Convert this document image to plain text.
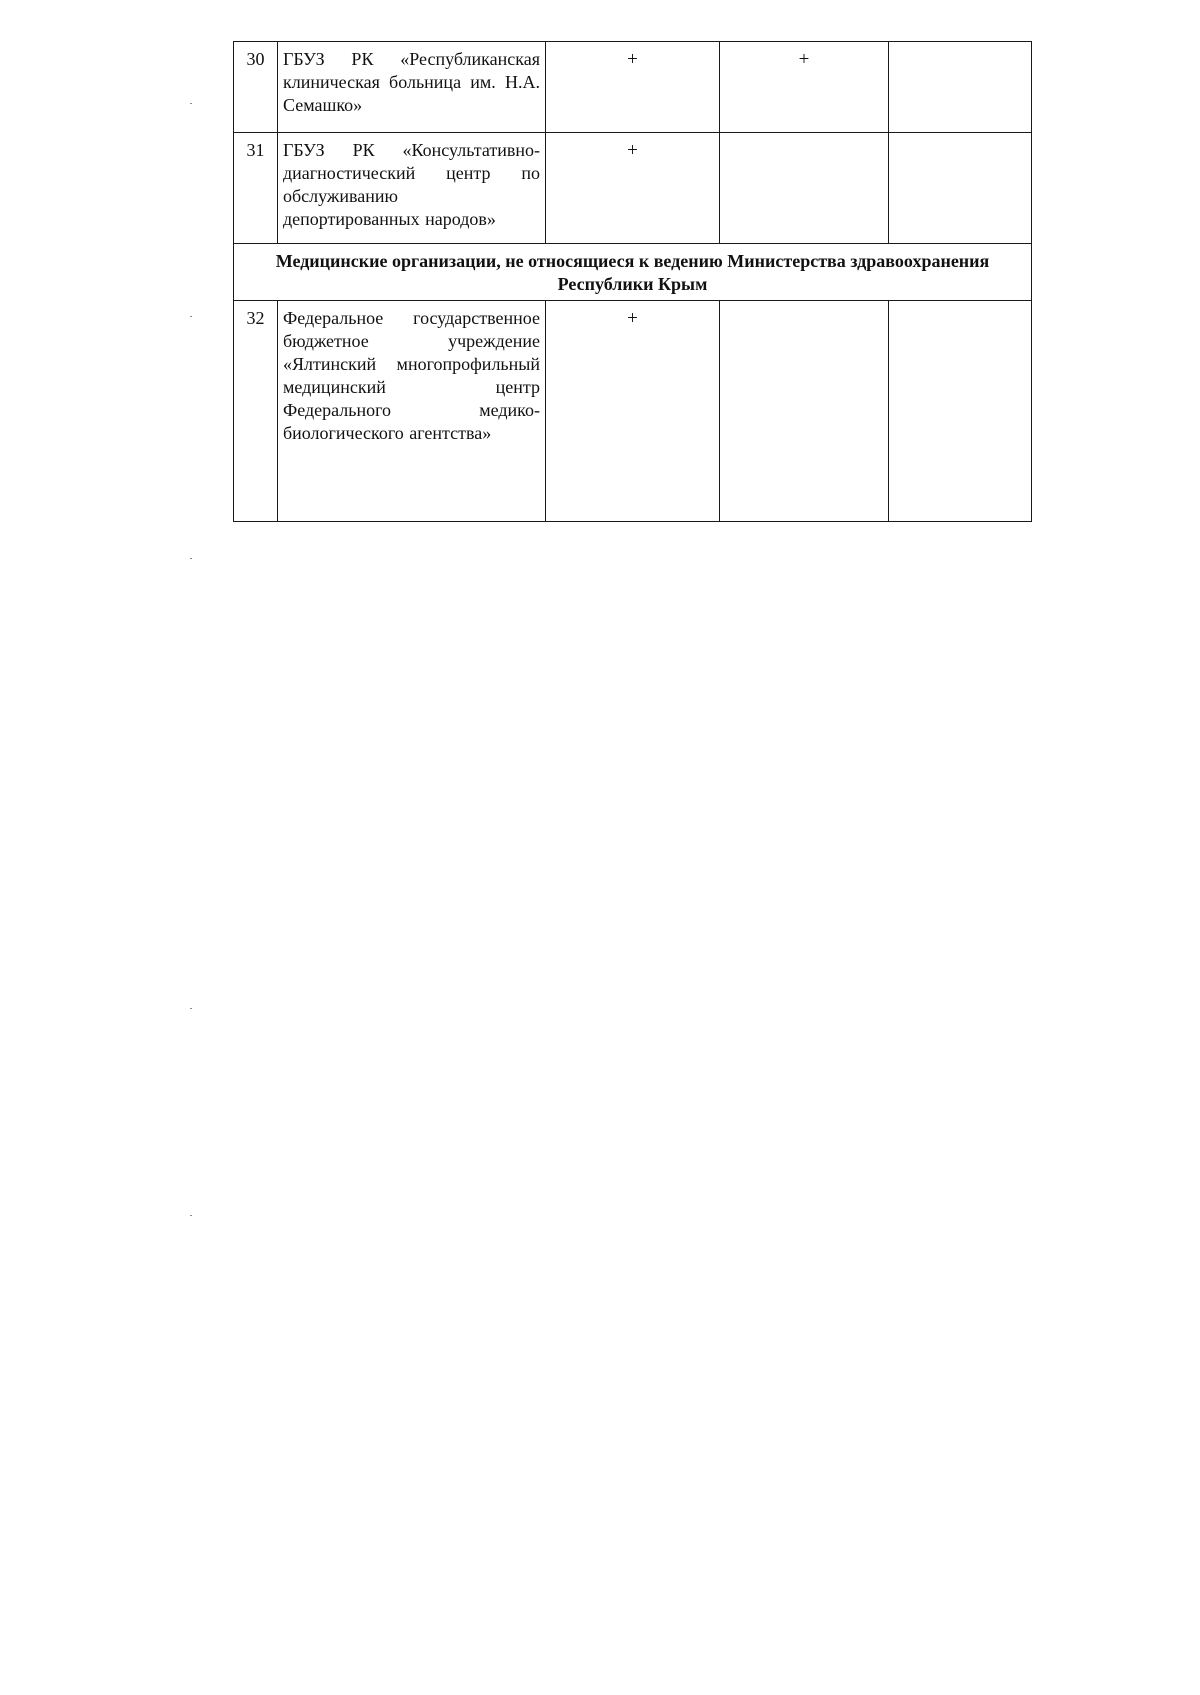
30	ГБУЗ РК «Республиканская клиническая больница им. Н.А. Семашко»	+	+	
31	ГБУЗ РК «Консультативно-диагностический центр по обслуживанию депортированных народов»	+		
Медицинские организации, не относящиеся к ведению Министерства здравоохранения Республики Крым				
32	Федеральное государственное бюджетное учреждение «Ялтинский многопрофильный медицинский центр Федерального медико-биологического агентства»	+		
